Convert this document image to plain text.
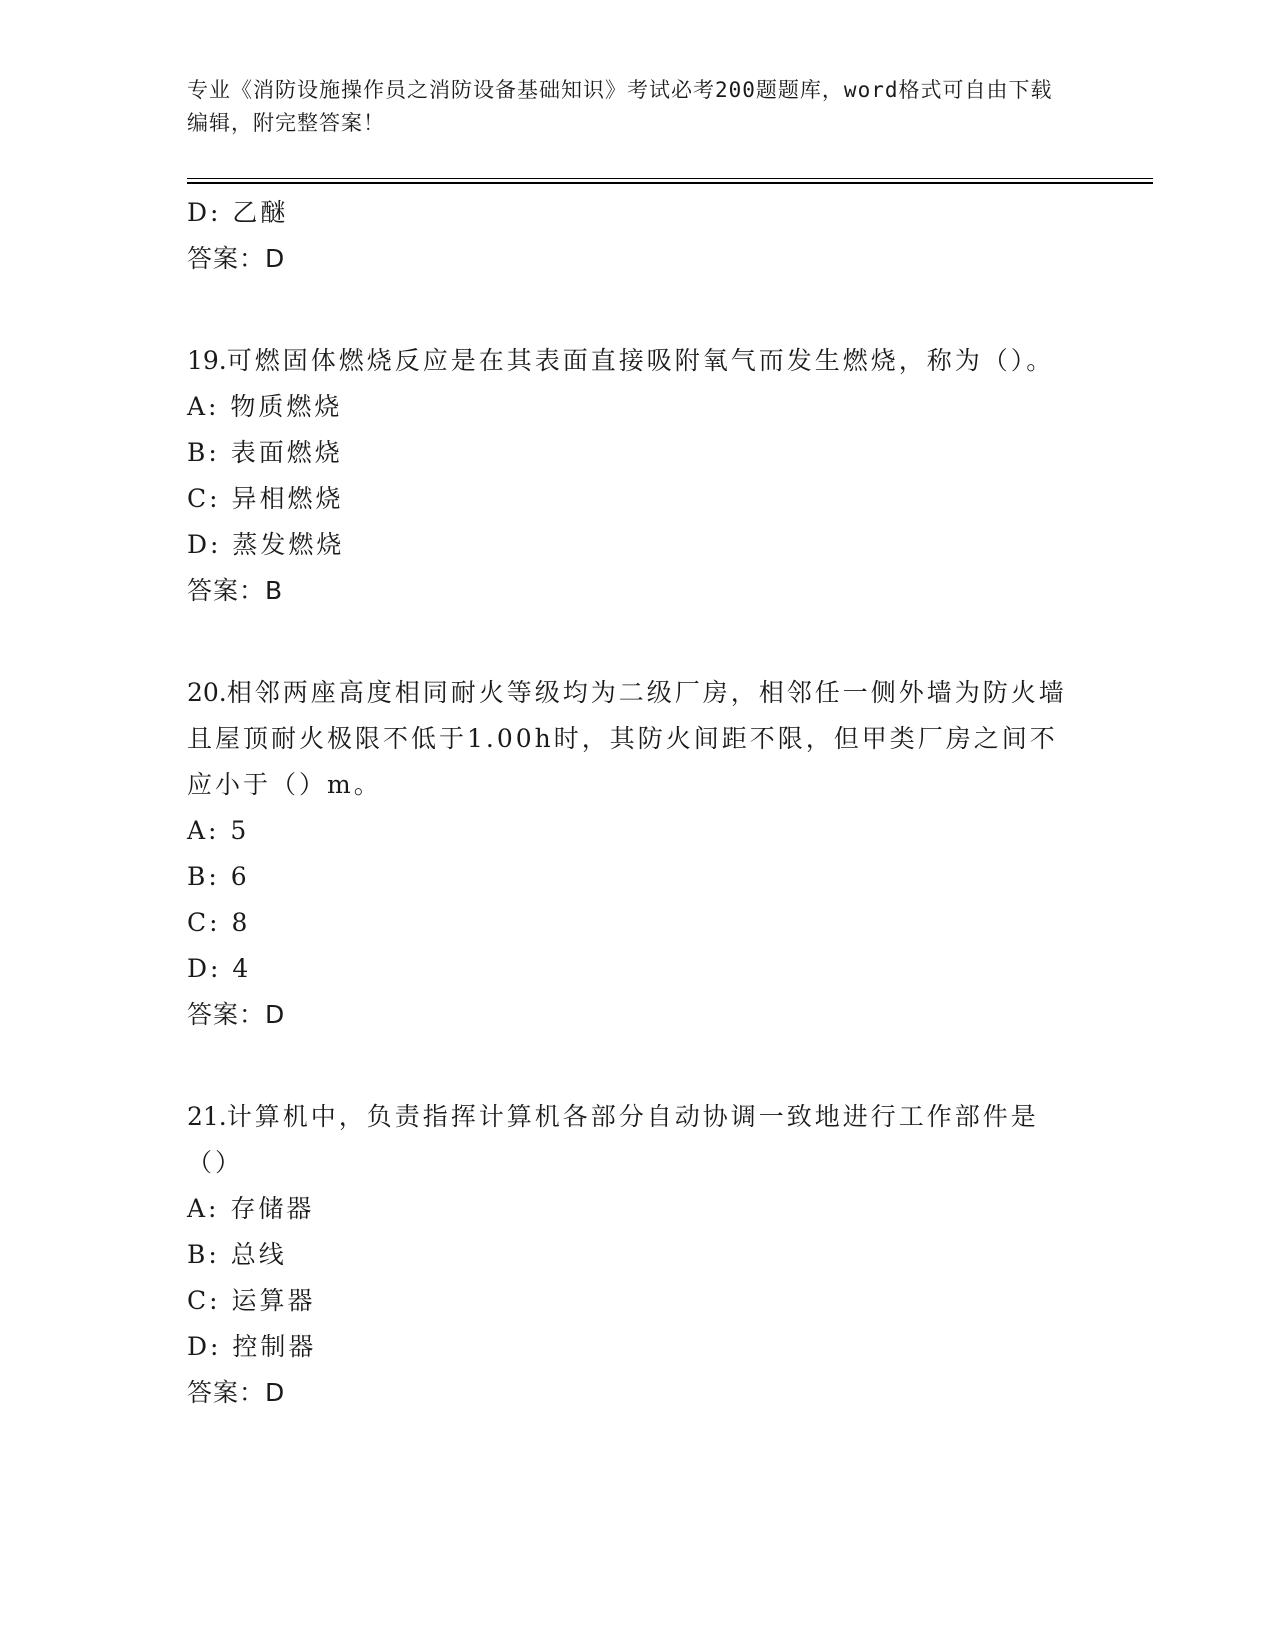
专业《消防设施操作员之消防设备基础知识》考试必考200题题库，word格式可自由下载编辑，附完整答案！
D: 乙醚
答案：D
19.可燃固体燃烧反应是在其表面直接吸附氧气而发生燃烧，称为（）。
A: 物质燃烧
B: 表面燃烧
C: 异相燃烧
D: 蒸发燃烧
答案：B
20.相邻两座高度相同耐火等级均为二级厂房，相邻任一侧外墙为防火墙且屋顶耐火极限不低于1.00h时，其防火间距不限，但甲类厂房之间不应小于（）m。
A: 5
B: 6
C: 8
D: 4
答案：D
21.计算机中，负责指挥计算机各部分自动协调一致地进行工作部件是（）
A: 存储器
B: 总线
C: 运算器
D: 控制器
答案：D
